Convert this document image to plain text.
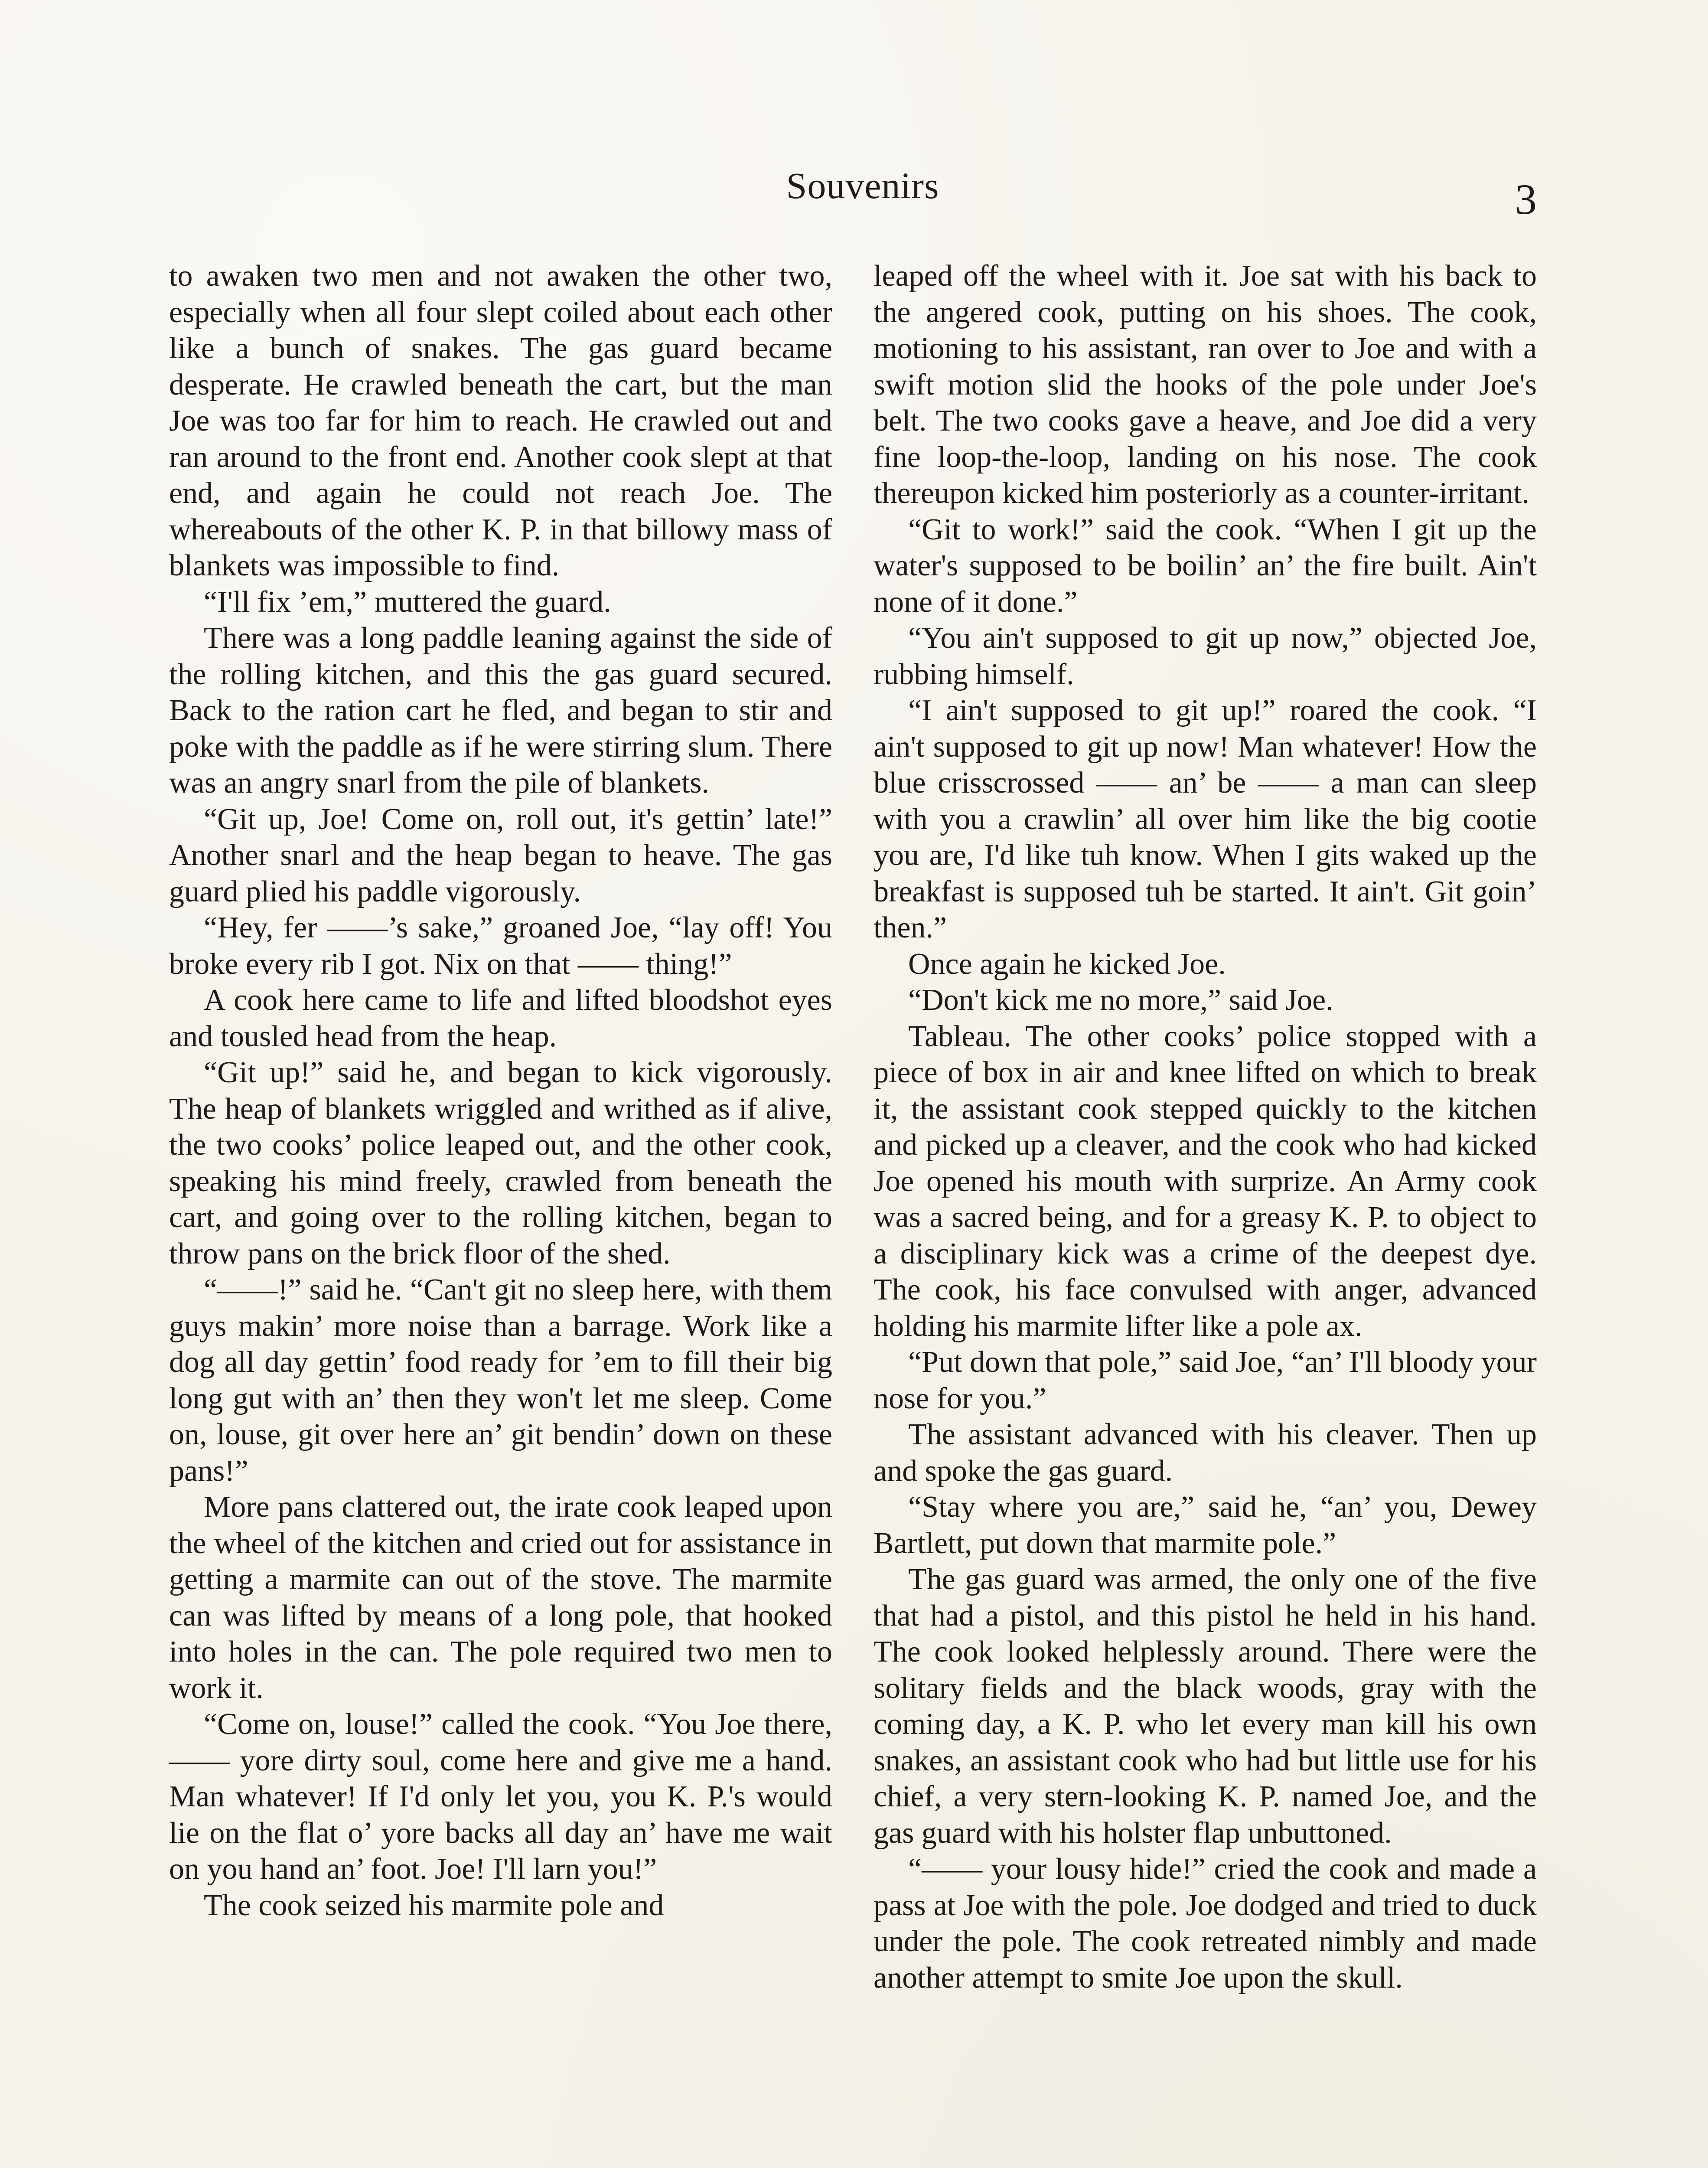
Souvenirs	3

to awaken two men and not awaken the other two, especially when all four slept coiled about each other like a bunch of snakes. The gas guard became desperate. He crawled beneath the cart, but the man Joe was too far for him to reach. He crawled out and ran around to the front end. Another cook slept at that end, and again he could not reach Joe. The whereabouts of the other K. P. in that billowy mass of blankets was impossible to find.

“I'll fix ’em,” muttered the guard.

There was a long paddle leaning against the side of the rolling kitchen, and this the gas guard secured. Back to the ration cart he fled, and began to stir and poke with the paddle as if he were stirring slum. There was an angry snarl from the pile of blankets.

“Git up, Joe! Come on, roll out, it's gettin’ late!” Another snarl and the heap began to heave. The gas guard plied his paddle vigorously.

“Hey, fer ——’s sake,” groaned Joe, “lay off! You broke every rib I got. Nix on that —— thing!”

A cook here came to life and lifted bloodshot eyes and tousled head from the heap.

“Git up!” said he, and began to kick vigorously. The heap of blankets wriggled and writhed as if alive, the two cooks’ police leaped out, and the other cook, speaking his mind freely, crawled from beneath the cart, and going over to the rolling kitchen, began to throw pans on the brick floor of the shed.

“——!” said he. “Can't git no sleep here, with them guys makin’ more noise than a barrage. Work like a dog all day gettin’ food ready for ’em to fill their big long gut with an’ then they won't let me sleep. Come on, louse, git over here an’ git bendin’ down on these pans!”

More pans clattered out, the irate cook leaped upon the wheel of the kitchen and cried out for assistance in getting a marmite can out of the stove. The marmite can was lifted by means of a long pole, that hooked into holes in the can. The pole required two men to work it.

“Come on, louse!” called the cook. “You Joe there, —— yore dirty soul, come here and give me a hand. Man whatever! If I'd only let you, you K. P.'s would lie on the flat o’ yore backs all day an’ have me wait on you hand an’ foot. Joe! I'll larn you!”

The cook seized his marmite pole and

leaped off the wheel with it. Joe sat with his back to the angered cook, putting on his shoes. The cook, motioning to his assistant, ran over to Joe and with a swift motion slid the hooks of the pole under Joe's belt. The two cooks gave a heave, and Joe did a very fine loop-the-loop, landing on his nose. The cook thereupon kicked him posteriorly as a counter-irritant.

“Git to work!” said the cook. “When I git up the water's supposed to be boilin’ an’ the fire built. Ain't none of it done.”

“You ain't supposed to git up now,” objected Joe, rubbing himself.

“I ain't supposed to git up!” roared the cook. “I ain't supposed to git up now! Man whatever! How the blue crisscrossed —— an’ be —— a man can sleep with you a crawlin’ all over him like the big cootie you are, I'd like tuh know. When I gits waked up the breakfast is supposed tuh be started. It ain't. Git goin’ then.”

Once again he kicked Joe.

“Don't kick me no more,” said Joe.

Tableau. The other cooks’ police stopped with a piece of box in air and knee lifted on which to break it, the assistant cook stepped quickly to the kitchen and picked up a cleaver, and the cook who had kicked Joe opened his mouth with surprize. An Army cook was a sacred being, and for a greasy K. P. to object to a disciplinary kick was a crime of the deepest dye. The cook, his face convulsed with anger, advanced holding his marmite lifter like a pole ax.

“Put down that pole,” said Joe, “an’ I'll bloody your nose for you.”

The assistant advanced with his cleaver. Then up and spoke the gas guard.

“Stay where you are,” said he, “an’ you, Dewey Bartlett, put down that marmite pole.”

The gas guard was armed, the only one of the five that had a pistol, and this pistol he held in his hand. The cook looked helplessly around. There were the solitary fields and the black woods, gray with the coming day, a K. P. who let every man kill his own snakes, an assistant cook who had but little use for his chief, a very stern-looking K. P. named Joe, and the gas guard with his holster flap unbuttoned.

“—— your lousy hide!” cried the cook and made a pass at Joe with the pole. Joe dodged and tried to duck under the pole. The cook retreated nimbly and made another attempt to smite Joe upon the skull.
